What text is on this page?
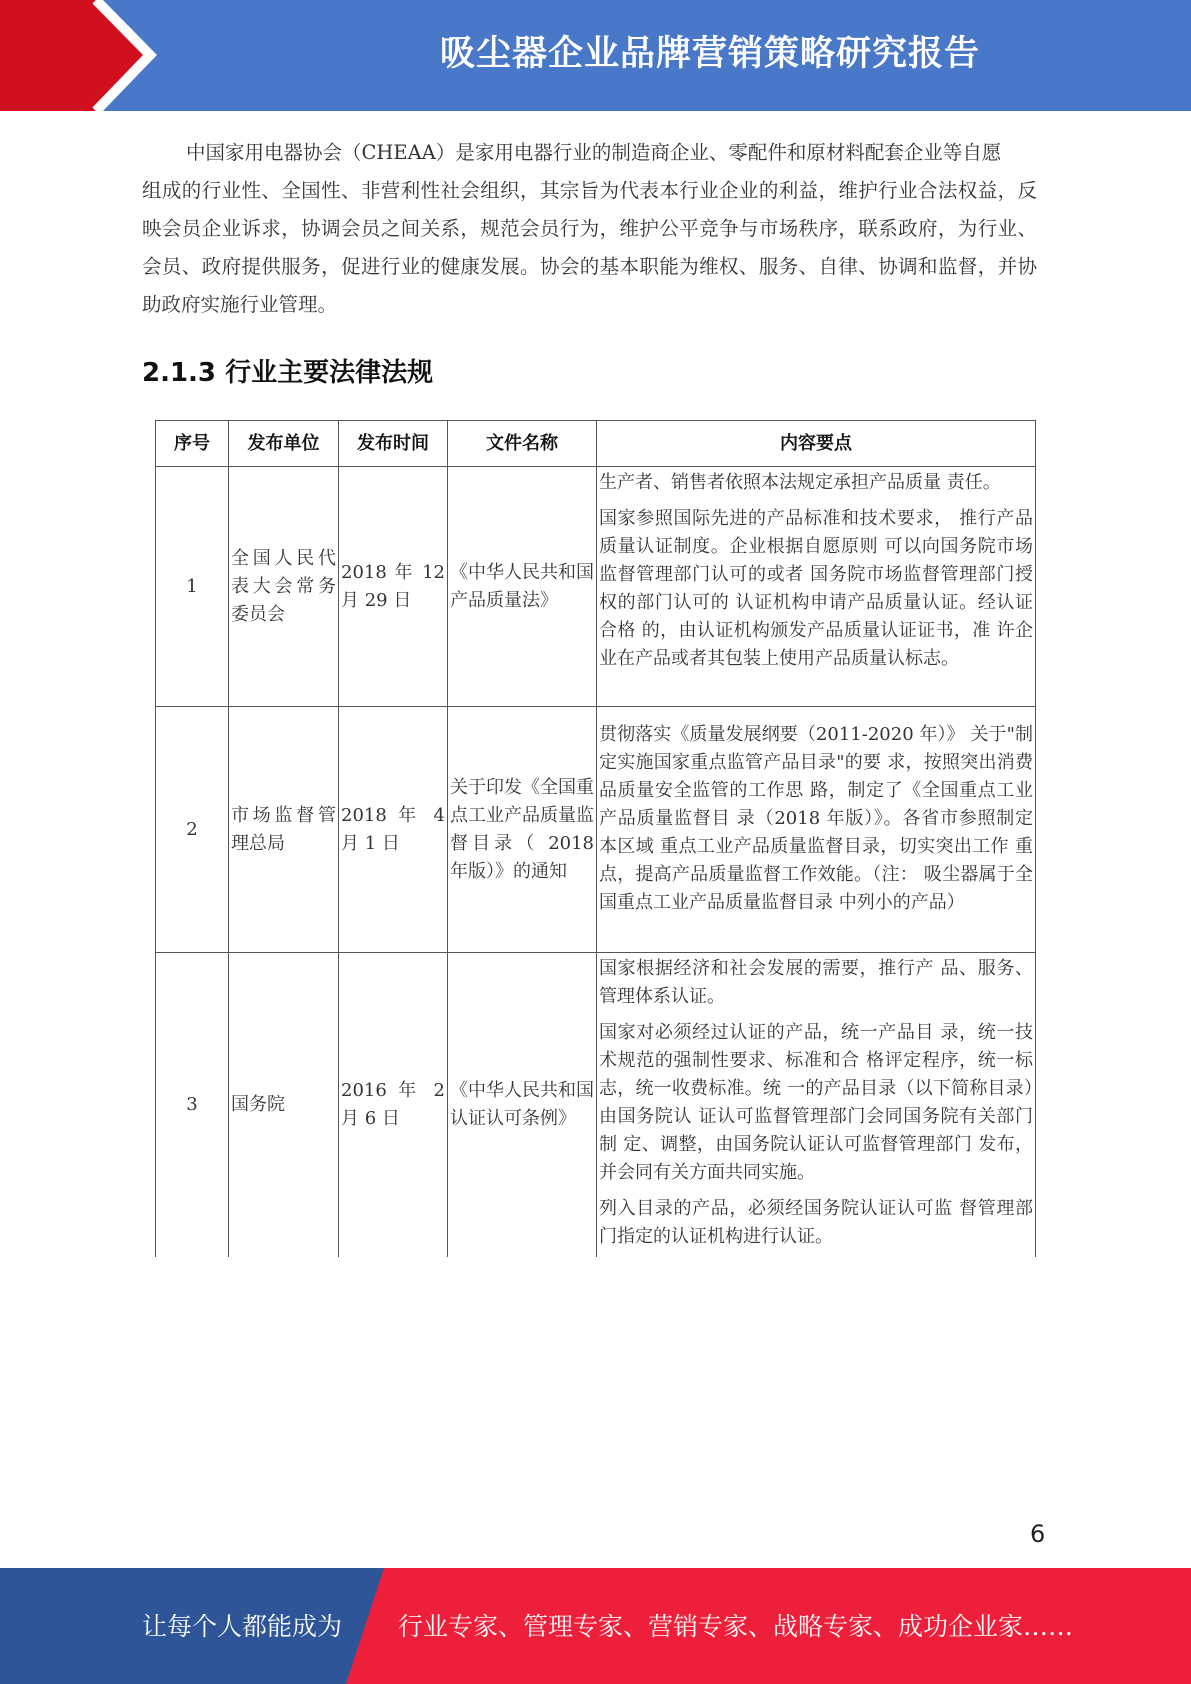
吸尘器企业品牌营销策略研究报告
中国家用电器协会（CHEAA）是家用电器行业的制造商企业、零配件和原材料配套企业等自愿
组成的行业性、全国性、非营利性社会组织，其宗旨为代表本行业企业的利益，维护行业合法权益，反映会员企业诉求，协调会员之间关系，规范会员行为，维护公平竞争与市场秩序，联系政府，为行业、会员、政府提供服务，促进行业的健康发展。协会的基本职能为维权、服务、自律、协调和监督，并协助政府实施行业管理。
2.1.3 行业主要法律法规
序号	发布单位	发布时间	文件名称	内容要点
1	全国人民代表大会常务委员会	2018 年 12 月 29 日	《中华人民共和国产品质量法》	生产者、销售者依照本法规定承担产品质量 责任。

国家参照国际先进的产品标准和技术要求， 推行产品质量认证制度。企业根据自愿原则 可以向国务院市场监督管理部门认可的或者 国务院市场监督管理部门授权的部门认可的 认证机构申请产品质量认证。经认证合格 的，由认证机构颁发产品质量认证证书，准 许企业在产品或者其包装上使用产品质量认标志。

2	市场监督管理总局	2018 年 4 月 1 日	关于印发《全国重点工业产品质量监督目录（ 2018 年版）》的通知	贯彻落实《质量发展纲要（2011-2020 年）》 关于"制定实施国家重点监管产品目录"的要 求，按照突出消费品质量安全监管的工作思 路，制定了《全国重点工业产品质量监督目 录（2018 年版）》。各省市参照制定本区域 重点工业产品质量监督目录，切实突出工作 重点，提高产品质量监督工作效能。（注： 吸尘器属于全国重点工业产品质量监督目录 中列小的产品）

3	国务院	2016 年 2 月 6 日	《中华人民共和国认证认可条例》	国家根据经济和社会发展的需要，推行产 品、服务、管理体系认证。

国家对必须经过认证的产品，统一产品目 录，统一技术规范的强制性要求、标准和合 格评定程序，统一标志，统一收费标准。统 一的产品目录（以下简称目录）由国务院认 证认可监督管理部门会同国务院有关部门制 定、调整，由国务院认证认可监督管理部门 发布，并会同有关方面共同实施。

列入目录的产品，必须经国务院认证认可监 督管理部门指定的认证机构进行认证。

6
让每个人都能成为 行业专家、管理专家、营销专家、战略专家、成功企业家……
